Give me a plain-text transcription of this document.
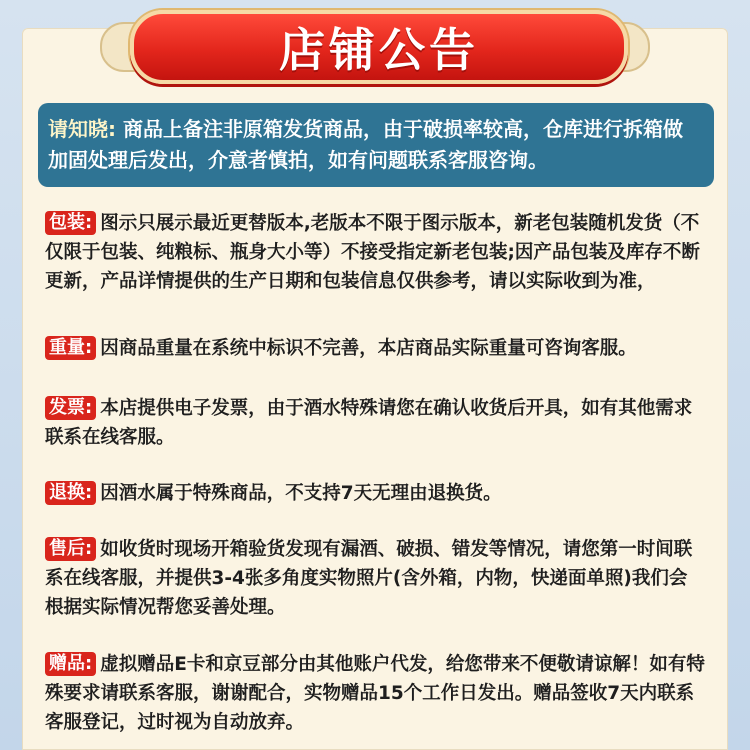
店铺公告
请知晓: 商品上备注非原箱发货商品，由于破损率较高，仓库进行拆箱做加固处理后发出，介意者慎拍，如有问题联系客服咨询。
包装: 图示只展示最近更替版本,老版本不限于图示版本，新老包装随机发货（不仅限于包装、纯粮标、瓶身大小等）不接受指定新老包装;因产品包装及库存不断更新，产品详情提供的生产日期和包装信息仅供参考，请以实际收到为准，
重量: 因商品重量在系统中标识不完善，本店商品实际重量可咨询客服。
发票: 本店提供电子发票，由于酒水特殊请您在确认收货后开具，如有其他需求联系在线客服。
退换: 因酒水属于特殊商品，不支持7天无理由退换货。
售后: 如收货时现场开箱验货发现有漏酒、破损、错发等情况，请您第一时间联系在线客服，并提供3-4张多角度实物照片(含外箱，内物，快递面单照)我们会根据实际情况帮您妥善处理。
赠品: 虚拟赠品E卡和京豆部分由其他账户代发，给您带来不便敬请谅解！如有特殊要求请联系客服，谢谢配合，实物赠品15个工作日发出。赠品签收7天内联系客服登记，过时视为自动放弃。
